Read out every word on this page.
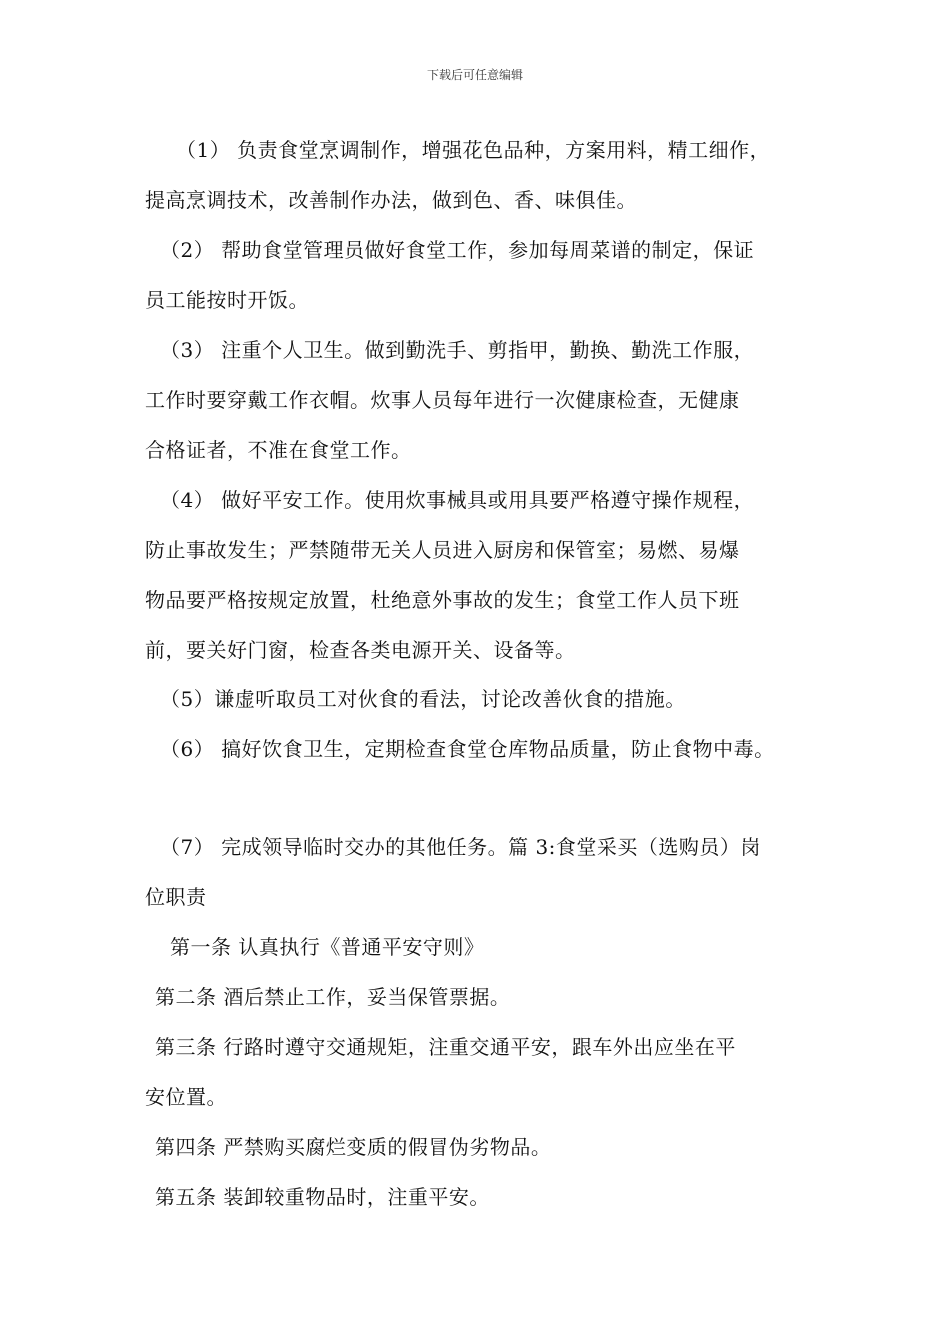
下载后可任意编辑
（1） 负责食堂烹调制作，增强花色品种，方案用料，精工细作，
提高烹调技术，改善制作办法，做到色、香、味俱佳。
（2） 帮助食堂管理员做好食堂工作，参加每周菜谱的制定，保证
员工能按时开饭。
（3） 注重个人卫生。做到勤洗手、剪指甲，勤换、勤洗工作服，
工作时要穿戴工作衣帽。炊事人员每年进行一次健康检查，无健康
合格证者，不准在食堂工作。
（4） 做好平安工作。使用炊事械具或用具要严格遵守操作规程，
防止事故发生；严禁随带无关人员进入厨房和保管室；易燃、易爆
物品要严格按规定放置，杜绝意外事故的发生；食堂工作人员下班
前，要关好门窗，检查各类电源开关、设备等。
（5）谦虚听取员工对伙食的看法，讨论改善伙食的措施。
（6） 搞好饮食卫生，定期检查食堂仓库物品质量，防止食物中毒。
（7） 完成领导临时交办的其他任务。篇 3:食堂采买（选购员）岗
位职责
第一条 认真执行《普通平安守则》
第二条 酒后禁止工作，妥当保管票据。
第三条 行路时遵守交通规矩，注重交通平安，跟车外出应坐在平
安位置。
第四条 严禁购买腐烂变质的假冒伪劣物品。
第五条 装卸较重物品时，注重平安。
